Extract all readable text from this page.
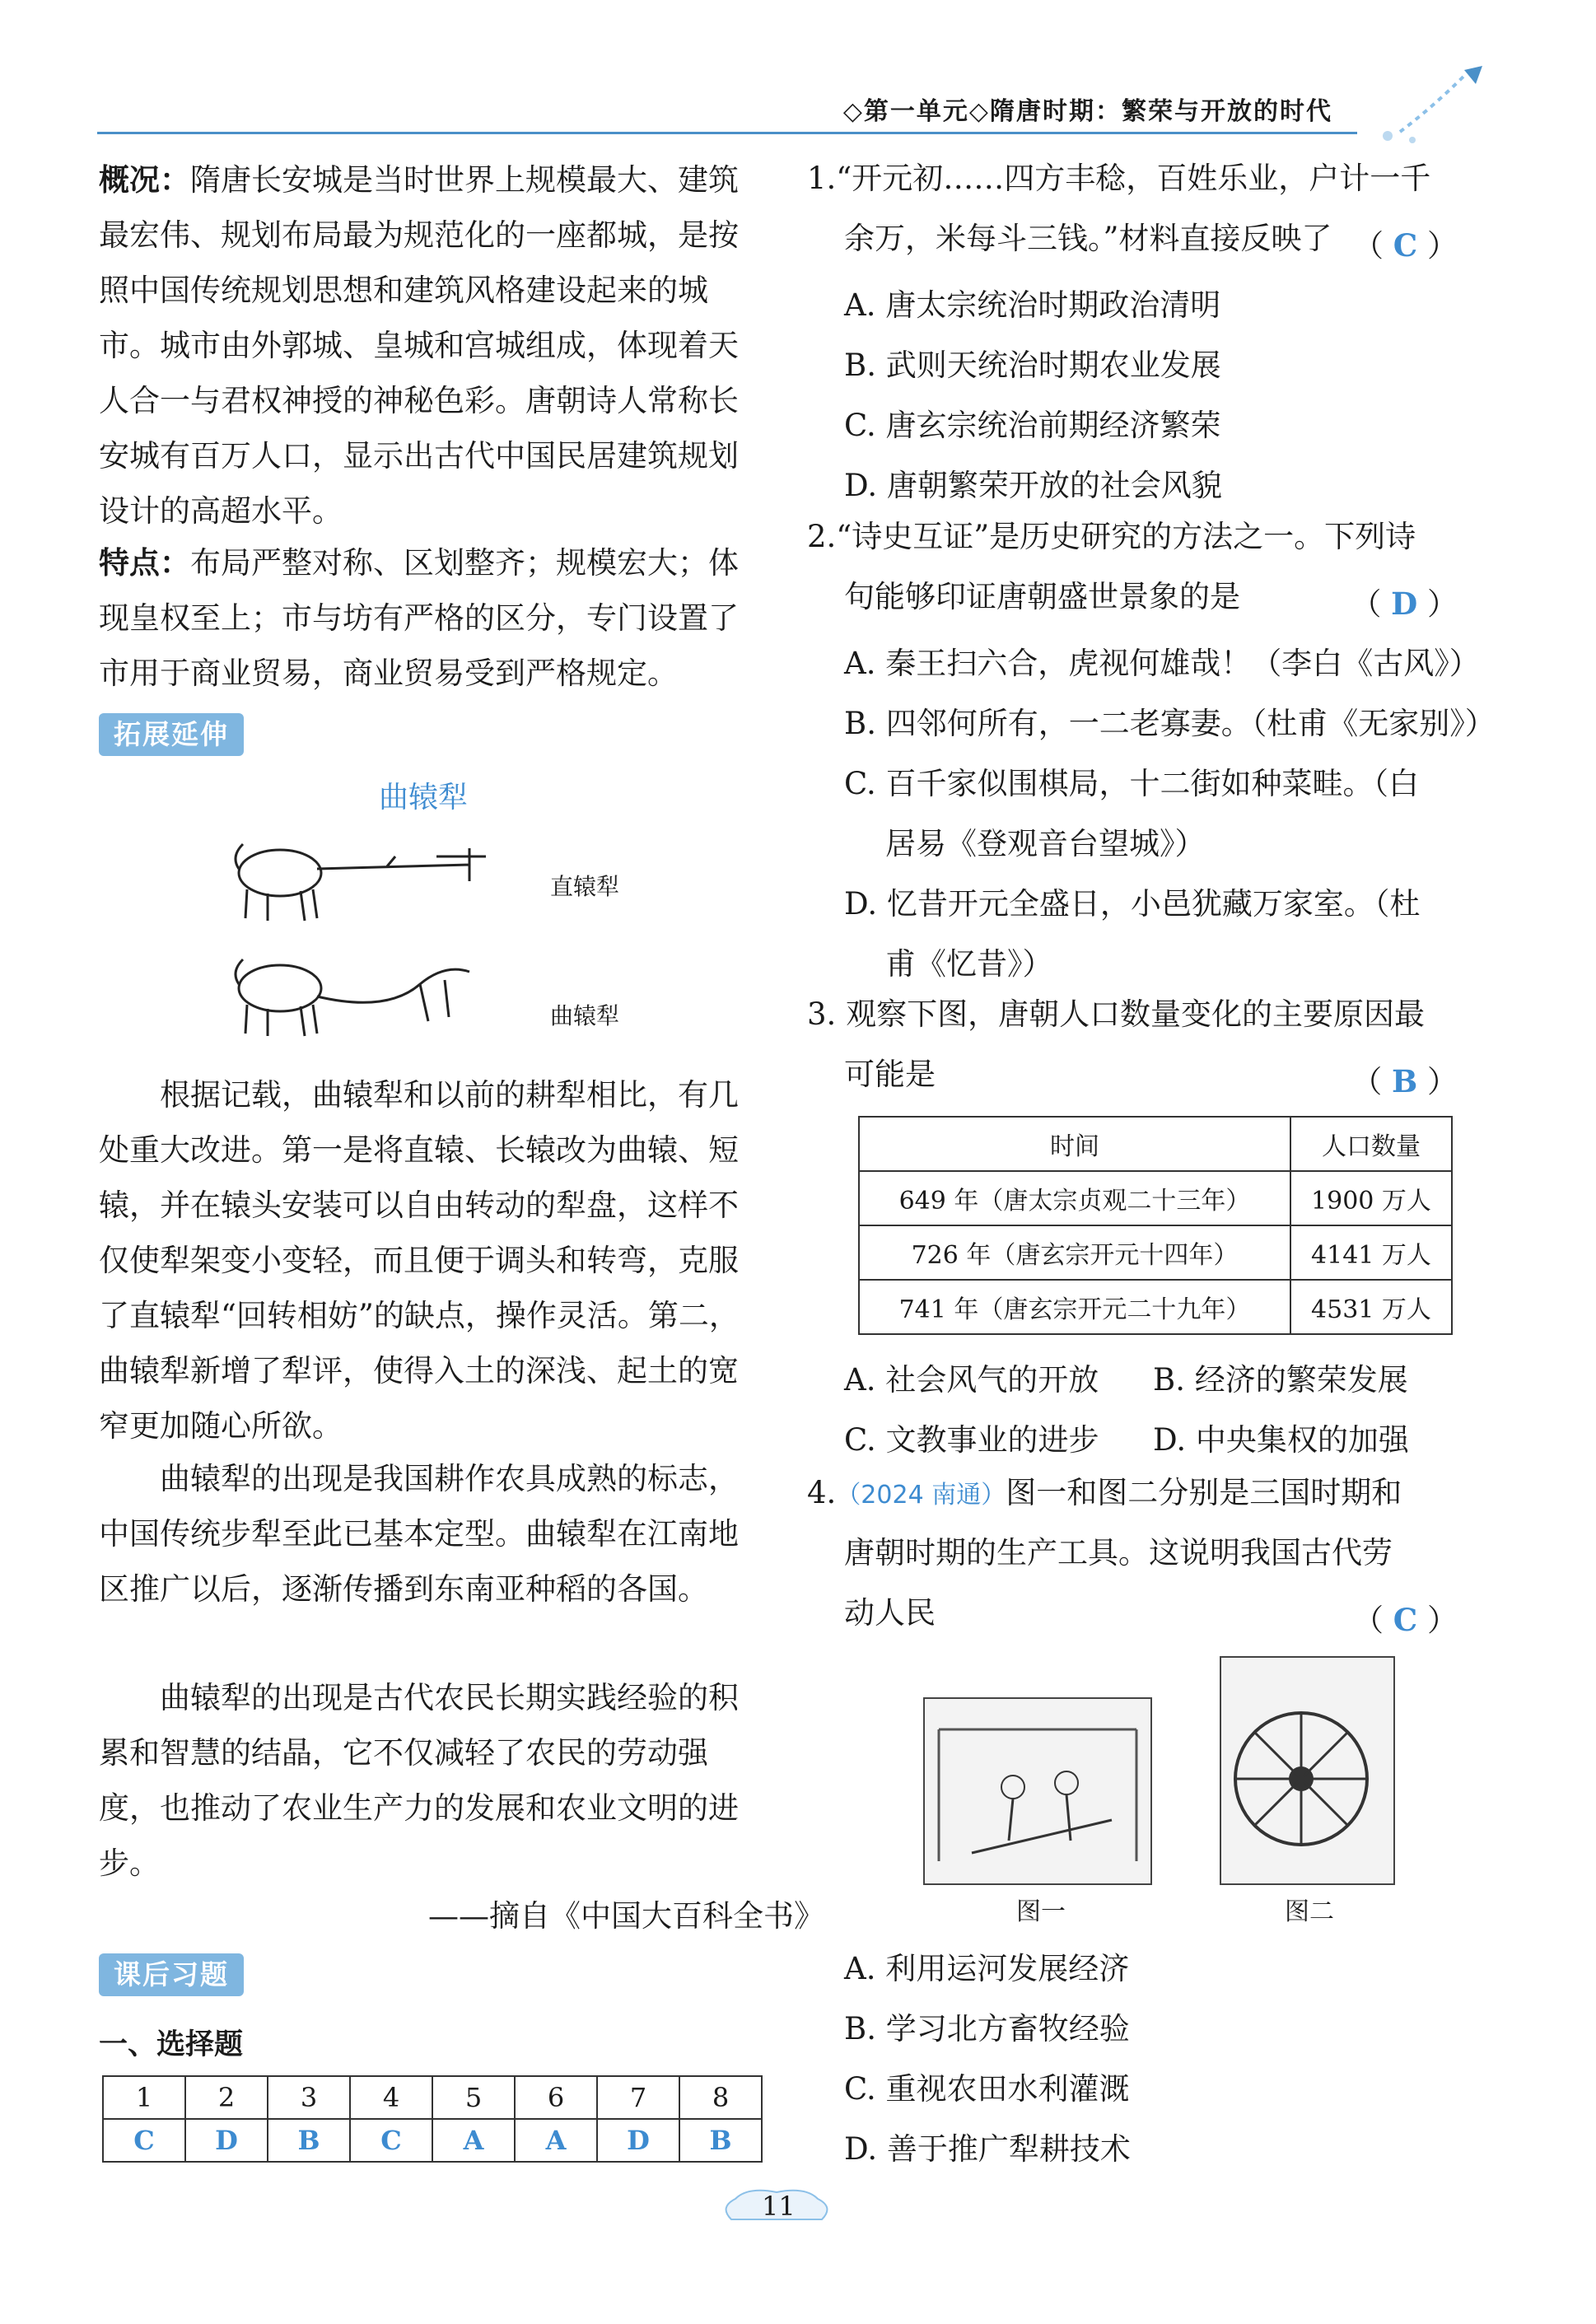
◇第一单元◇隋唐时期：繁荣与开放的时代
概况：隋唐长安城是当时世界上规模最大、建筑最宏伟、规划布局最为规范化的一座都城，是按照中国传统规划思想和建筑风格建设起来的城市。城市由外郭城、皇城和宫城组成，体现着天人合一与君权神授的神秘色彩。唐朝诗人常称长安城有百万人口，显示出古代中国民居建筑规划设计的高超水平。
特点：布局严整对称、区划整齐；规模宏大；体现皇权至上；市与坊有严格的区分，专门设置了市用于商业贸易，商业贸易受到严格规定。
拓展延伸
曲辕犁
直辕犁
曲辕犁
根据记载，曲辕犁和以前的耕犁相比，有几处重大改进。第一是将直辕、长辕改为曲辕、短辕，并在辕头安装可以自由转动的犁盘，这样不仅使犁架变小变轻，而且便于调头和转弯，克服了直辕犁“回转相妨”的缺点，操作灵活。第二，曲辕犁新增了犁评，使得入土的深浅、起土的宽窄更加随心所欲。
曲辕犁的出现是我国耕作农具成熟的标志，中国传统步犁至此已基本定型。曲辕犁在江南地区推广以后，逐渐传播到东南亚种稻的各国。
曲辕犁的出现是古代农民长期实践经验的积累和智慧的结晶，它不仅减轻了农民的劳动强度，也推动了农业生产力的发展和农业文明的进步。
——摘自《中国大百科全书》
课后习题
一、选择题
1	2	3	4	5	6	7	8
C	D	B	C	A	A	D	B
1.“开元初……四方丰稔，百姓乐业，户计一千
余万，米每斗三钱。”材料直接反映了 （ C ）
A. 唐太宗统治时期政治清明
B. 武则天统治时期农业发展
C. 唐玄宗统治前期经济繁荣
D. 唐朝繁荣开放的社会风貌
2.“诗史互证”是历史研究的方法之一。下列诗
句能够印证唐朝盛世景象的是	（ D ）
A. 秦王扫六合，虎视何雄哉！（李白《古风》）
B. 四邻何所有，一二老寡妻。（杜甫《无家别》）
C. 百千家似围棋局，十二街如种菜畦。（白
居易《登观音台望城》）
D. 忆昔开元全盛日，小邑犹藏万家室。（杜
甫《忆昔》）
3. 观察下图，唐朝人口数量变化的主要原因最
可能是	（ B ）
时间	人口数量
649 年（唐太宗贞观二十三年）	1900 万人
726 年（唐玄宗开元十四年）	4141 万人
741 年（唐玄宗开元二十九年）	4531 万人
A. 社会风气的开放 B. 经济的繁荣发展
C. 文教事业的进步 D. 中央集权的加强
4.（2024 南通）图一和图二分别是三国时期和
唐朝时期的生产工具。这说明我国古代劳
动人民	（ C ）
图一	图二
A. 利用运河发展经济
B. 学习北方畜牧经验
C. 重视农田水利灌溉
D. 善于推广犁耕技术
11
